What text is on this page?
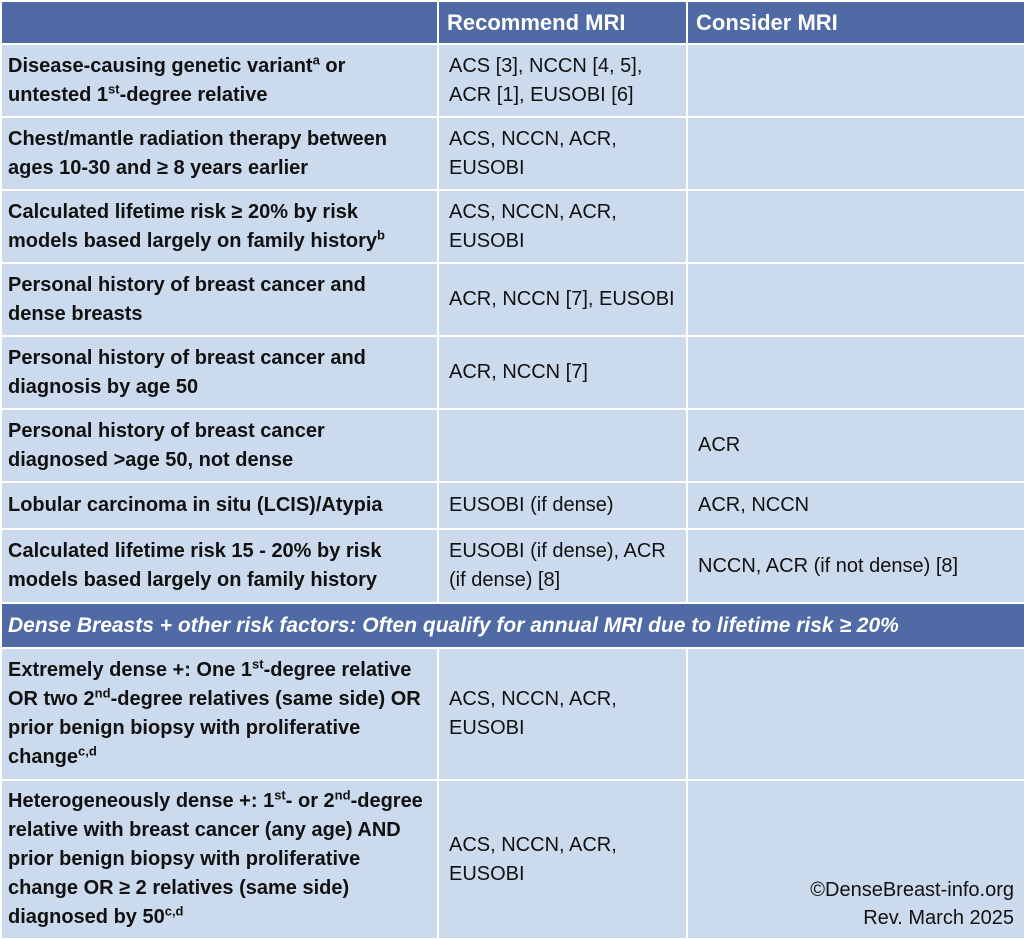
	Recommend MRI	Consider MRI
Disease-causing genetic variant$^a$ or untested 1st-degree relative	ACS [3], NCCN [4, 5], ACR [1], EUSOBI [6]	
Chest/mantle radiation therapy between ages 10-30 and ≥ 8 years earlier	ACS, NCCN, ACR, EUSOBI	
Calculated lifetime risk ≥ 20% by risk models based largely on family history$^b$	ACS, NCCN, ACR, EUSOBI	
Personal history of breast cancer and dense breasts	ACR, NCCN [7], EUSOBI	
Personal history of breast cancer and diagnosis by age 50	ACR, NCCN [7]	
Personal history of breast cancer diagnosed >age 50, not dense		ACR
Lobular carcinoma in situ (LCIS)/Atypia	EUSOBI (if dense)	ACR, NCCN
Calculated lifetime risk 15 - 20% by risk models based largely on family history	EUSOBI (if dense), ACR (if dense) [8]	NCCN, ACR (if not dense) [8]
Dense Breasts + other risk factors: Often qualify for annual MRI due to lifetime risk ≥ 20%		
Extremely dense +: One 1st-degree relative OR two 2nd-degree relatives (same side) OR prior benign biopsy with proliferative change$^{c,d}$	ACS, NCCN, ACR, EUSOBI	
Heterogeneously dense +: 1st- or 2nd-degree relative with breast cancer (any age) AND prior benign biopsy with proliferative change OR ≥ 2 relatives (same side) diagnosed by 50$^{c,d}$	ACS, NCCN, ACR, EUSOBI	©DenseBreast-info.org
Rev. March 2025
